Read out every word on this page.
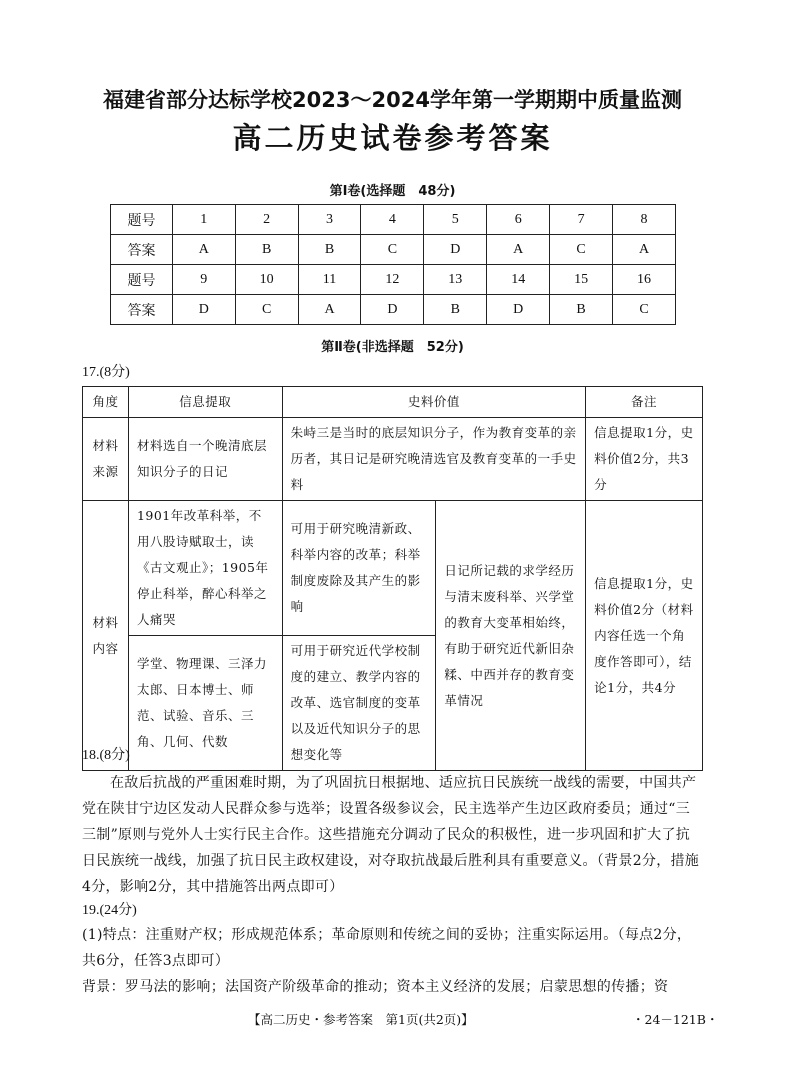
福建省部分达标学校2023～2024学年第一学期期中质量监测
高二历史试卷参考答案
第Ⅰ卷(选择题　48分)
题号	1	2	3	4	5	6	7	8
答案	A	B	B	C	D	A	C	A
题号	9	10	11	12	13	14	15	16
答案	D	C	A	D	B	D	B	C
第Ⅱ卷(非选择题　52分)
17.(8分)
角度	信息提取	史料价值		备注
材料来源	材料选自一个晚清底层知识分子的日记	朱峙三是当时的底层知识分子，作为教育变革的亲历者，其日记是研究晚清选官及教育变革的一手史料		信息提取1分，史料价值2分，共3分
材料内容	1901年改革科举，不用八股诗赋取士，读《古文观止》；1905年停止科举，醉心科举之人痛哭	可用于研究晚清新政、科举内容的改革；科举制度废除及其产生的影响	日记所记载的求学经历与清末废科举、兴学堂的教育大变革相始终，有助于研究近代新旧杂糅、中西并存的教育变革情况	信息提取1分，史料价值2分（材料内容任选一个角度作答即可），结论1分，共4分
	学堂、物理课、三泽力太郎、日本博士、师范、试验、音乐、三角、几何、代数	可用于研究近代学校制度的建立、教学内容的改革、选官制度的变革以及近代知识分子的思想变化等		
18.(8分)
在敌后抗战的严重困难时期，为了巩固抗日根据地、适应抗日民族统一战线的需要，中国共产党在陕甘宁边区发动人民群众参与选举；设置各级参议会，民主选举产生边区政府委员；通过“三三制”原则与党外人士实行民主合作。这些措施充分调动了民众的积极性，进一步巩固和扩大了抗日民族统一战线，加强了抗日民主政权建设，对夺取抗战最后胜利具有重要意义。（背景2分，措施4分，影响2分，其中措施答出两点即可）
19.(24分)
(1)特点：注重财产权；形成规范体系；革命原则和传统之间的妥协；注重实际运用。（每点2分，共6分，任答3点即可）
背景：罗马法的影响；法国资产阶级革命的推动；资本主义经济的发展；启蒙思想的传播；资
【高二历史・参考答案　第1页(共2页)】	・24－121B・
